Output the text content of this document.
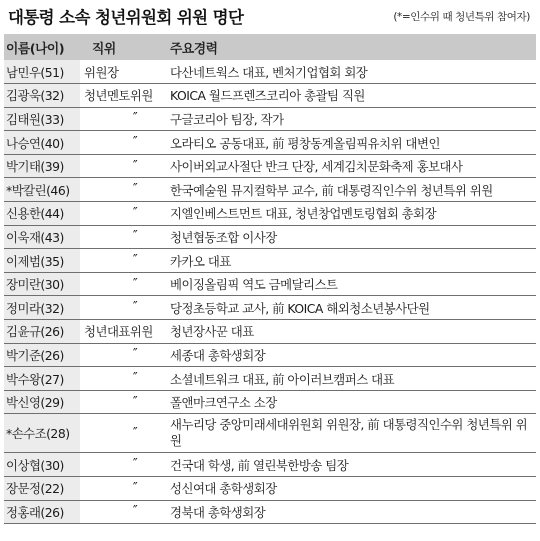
대통령 소속 청년위원회 위원 명단	(*=인수위 때 청년특위 참여자)
이름(나이)	직위	주요경력
남민우(51)	위원장	다산네트웍스 대표, 벤처기업협회 회장
김광욱(32)	청년멘토위원	KOICA 월드프렌즈코리아 총괄팀 직원
김태원(33)	″	구글코리아 팀장, 작가
나승연(40)	″	오라티오 공동대표, 前 평창동계올림픽유치위 대변인
박기태(39)	″	사이버외교사절단 반크 단장, 세계김치문화축제 홍보대사
*박칼린(46)	″	한국예술원 뮤지컬학부 교수, 前 대통령직인수위 청년특위 위원
신용한(44)	″	지엘인베스트먼트 대표, 청년창업멘토링협회 총회장
이욱재(43)	″	청년협동조합 이사장
이제범(35)	″	카카오 대표
장미란(30)	″	베이징올림픽 역도 금메달리스트
정미라(32)	″	당정초등학교 교사, 前 KOICA 해외청소년봉사단원
김윤규(26)	청년대표위원	청년장사꾼 대표
박기준(26)	″	세종대 총학생회장
박수왕(27)	″	소셜네트워크 대표, 前 아이러브캠퍼스 대표
박신영(29)	″	폴앤마크연구소 소장
*손수조(28)	″	새누리당 중앙미래세대위원회 위원장, 前 대통령직인수위 청년특위 위원
이상협(30)	″	건국대 학생, 前 열린북한방송 팀장
장문정(22)	″	성신여대 총학생회장
정홍래(26)	″	경북대 총학생회장
